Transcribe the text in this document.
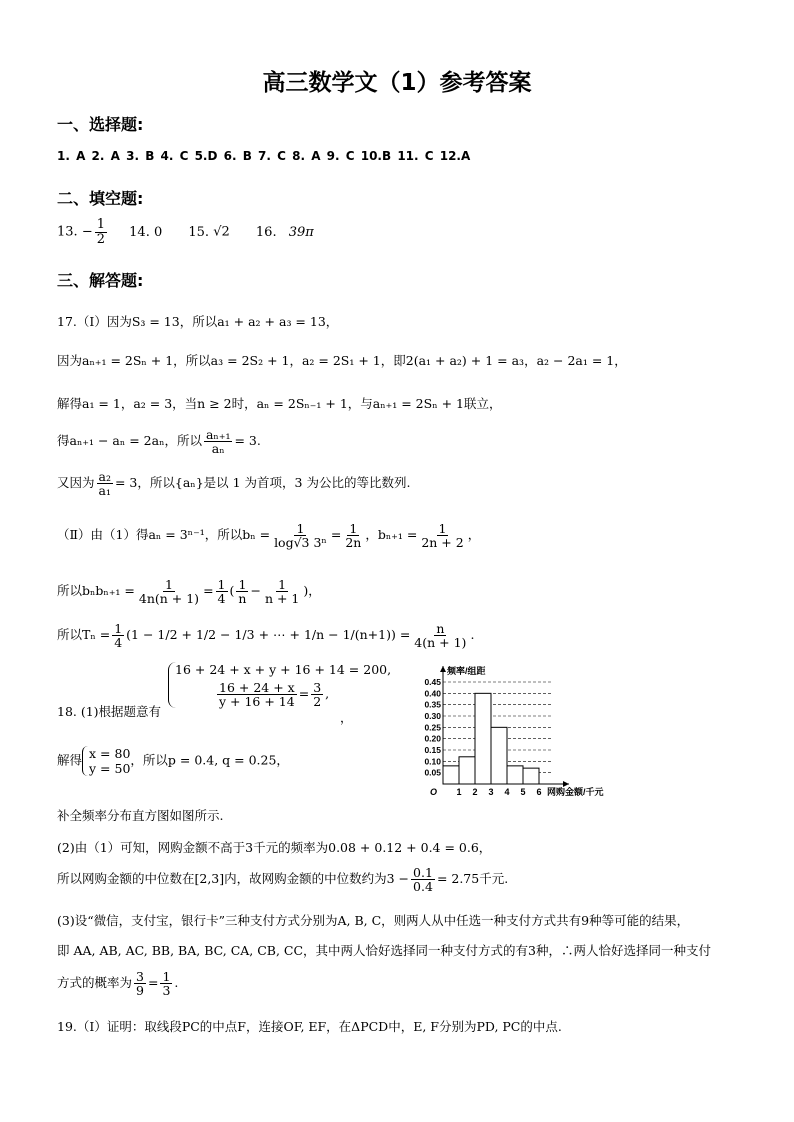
高三数学文（1）参考答案
一、选择题:
1. A 2. A 3. B 4. C 5.D 6. B 7. C 8. A 9. C 10.B 11. C 12.A
二、填空题:
13. − $\frac{1}{2} 14$. 0 15. √2 16. 39π
三、解答题:
17.（Ⅰ）因为S₃ = 13，所以a₁ + a₂ + a₃ = 13，
因为aₙ₊₁ = 2Sₙ + 1，所以a₃ = 2S₂ + 1，a₂ = 2S₁ + 1，即2(a₁ + a₂) + 1 = a₃，a₂ − 2a₁ = 1，
解得a₁ = 1，a₂ = 3，当n ≥ 2时，aₙ = 2Sₙ₋₁ + 1，与aₙ₊₁ = 2Sₙ + 1联立，
得aₙ₊₁ − aₙ = 2aₙ，所以 $\frac{\text{aₙ₊₁}}{\text{aₙ}} = 3$.
又因为 $\frac{\text{a₂}}{\text{a₁}} = 3$，所以{aₙ}是以 1 为首项，3 为公比的等比数列.
（Ⅱ）由（1）得aₙ = 3ⁿ⁻¹，所以$b_n = \frac{1}{\text{log√3 3ⁿ}} = \frac{1}{2n}$ ，$b_{n+1} = \frac{1}{2n + 2}$ ，
所以$b_nb_{n+1} = \frac{1}{4n(n + 1)} = \frac{1}{4}$ ( $\frac{1}{n} - \frac{1}{n + 1}$ )，
所以$T_n = \frac{1}{4} (1 - 1/2 + 1/2 - 1/3$ + ⋯ + $1/n - 1/(n+1)) = \frac{n}{4(n + 1)}$ .
18. (1)根据题意有
16 + 24 + x + y + 16 + 14 = 200,
$\frac{16 + 24 + x}{y + 16 + 14} = \frac{3}{2}$ ,
，
解得 x = 80
y = 50
，所以p = 0.4, q = 0.25，
补全频率分布直方图如图所示.
(2)由（1）可知，网购金额不高于3千元的频率为0.08 + 0.12 + 0.4 = 0.6，
所以网购金额的中位数在[2,3]内，故网购金额的中位数约为$3 - \frac{0.1}{0.4} = 2.75$千元.
(3)设“微信，支付宝，银行卡”三种支付方式分别为A, B, C，则两人从中任选一种支付方式共有9种等可能的结果，
即 AA, AB, AC, BB, BA, BC, CA, CB, CC，其中两人恰好选择同一种支付方式的有3种，∴两人恰好选择同一种支付
方式的概率为 $\frac{3}{9} = \frac{1}{3}$ .
19.（Ⅰ）证明：取线段PC的中点F，连接OF, EF，在ΔPCD中，E, F分别为PD, PC的中点.
0.05
0.10
0.15
0.20
0.25
0.30
0.35
0.40
0.45
1 2 3 4 5 6
O
频率/组距
网购金额/千元
